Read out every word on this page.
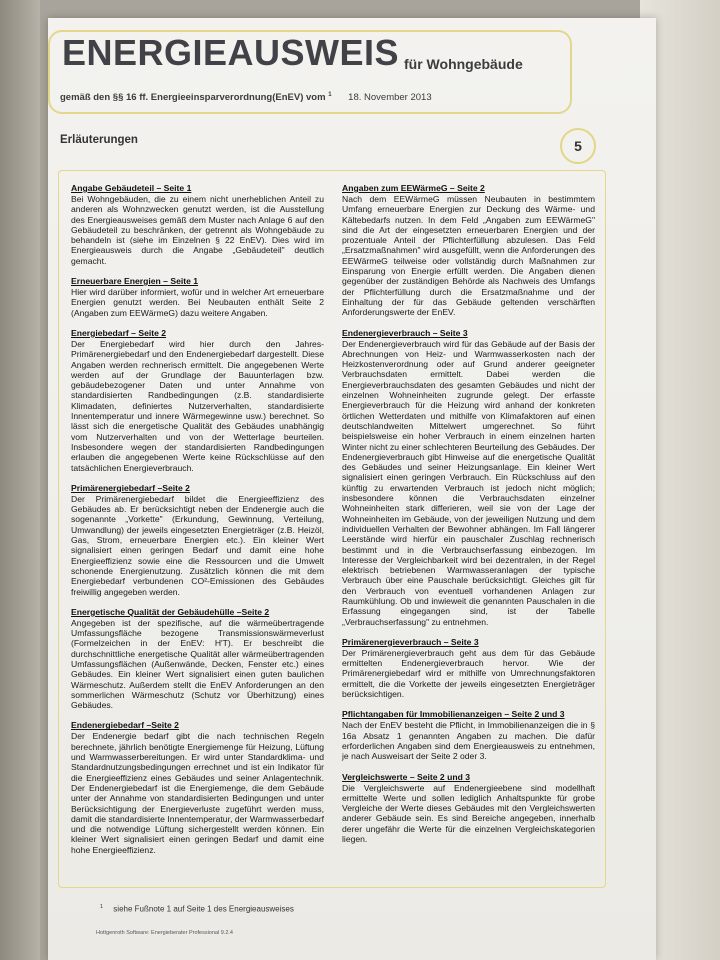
ENERGIEAUSWEIS für Wohngebäude
gemäß den §§ 16 ff. Energieeinsparverordnung(EnEV) vom $^1$ 18. November 2013
Erläuterungen	5
Angabe Gebäudeteil – Seite 1

Bei Wohngebäuden, die zu einem nicht unerheblichen Anteil zu anderen als Wohnzwecken genutzt werden, ist die Ausstellung des Energieausweises gemäß dem Muster nach Anlage 6 auf den Gebäudeteil zu beschränken, der getrennt als Wohngebäude zu behandeln ist (siehe im Einzelnen § 22 EnEV). Dies wird im Energieausweis durch die Angabe „Gebäudeteil" deutlich gemacht.

Erneuerbare Energien – Seite 1

Hier wird darüber informiert, wofür und in welcher Art erneuerbare Energien genutzt werden. Bei Neubauten enthält Seite 2 (Angaben zum EEWärmeG) dazu weitere Angaben.

Energiebedarf – Seite 2

Der Energiebedarf wird hier durch den Jahres-Primärenergiebedarf und den Endenergiebedarf dargestellt. Diese Angaben werden rechnerisch ermittelt. Die angegebenen Werte werden auf der Grundlage der Bauunterlagen bzw. gebäudebezogener Daten und unter Annahme von standardisierten Randbedingungen (z.B. standardisierte Klimadaten, definiertes Nutzerverhalten, standardisierte Innentemperatur und innere Wärmegewinne usw.) berechnet. So lässt sich die energetische Qualität des Gebäudes unabhängig vom Nutzerverhalten und von der Wetterlage beurteilen. Insbesondere wegen der standardisierten Randbedingungen erlauben die angegebenen Werte keine Rückschlüsse auf den tatsächlichen Energieverbrauch.

Primärenergiebedarf –Seite 2

Der Primärenergiebedarf bildet die Energieeffizienz des Gebäudes ab. Er berücksichtigt neben der Endenergie auch die sogenannte „Vorkette" (Erkundung, Gewinnung, Verteilung, Umwandlung) der jeweils eingesetzten Energieträger (z.B. Heizöl, Gas, Strom, erneuerbare Energien etc.). Ein kleiner Wert signalisiert einen geringen Bedarf und damit eine hohe Energieeffizienz sowie eine die Ressourcen und die Umwelt schonende Energienutzung. Zusätzlich können die mit dem Energiebedarf verbundenen CO²-Emissionen des Gebäudes freiwillig angegeben werden.

Energetische Qualität der Gebäudehülle –Seite 2

Angegeben ist der spezifische, auf die wärmeübertragende Umfassungsfläche bezogene Transmissionswärmeverlust (Formelzeichen in der EnEV: H'T). Er beschreibt die durchschnittliche energetische Qualität aller wärmeübertragenden Umfassungsflächen (Außenwände, Decken, Fenster etc.) eines Gebäudes. Ein kleiner Wert signalisiert einen guten baulichen Wärmeschutz. Außerdem stellt die EnEV Anforderungen an den sommerlichen Wärmeschutz (Schutz vor Überhitzung) eines Gebäudes.

Endenergiebedarf –Seite 2

Der Endenergie bedarf gibt die nach technischen Regeln berechnete, jährlich benötigte Energiemenge für Heizung, Lüftung und Warmwasserbereitungen. Er wird unter Standardklima- und Standardnutzungsbedingungen errechnet und ist ein Indikator für die Energieeffizienz eines Gebäudes und seiner Anlagentechnik. Der Endenergiebedarf ist die Energiemenge, die dem Gebäude unter der Annahme von standardisierten Bedingungen und unter Berücksichtigung der Energieverluste zugeführt werden muss, damit die standardisierte Innentemperatur, der Warmwasserbedarf und die notwendige Lüftung sichergestellt werden können. Ein kleiner Wert signalisiert einen geringen Bedarf und damit eine hohe Energieeffizienz.

Angaben zum EEWärmeG – Seite 2

Nach dem EEWärmeG müssen Neubauten in bestimmtem Umfang erneuerbare Energien zur Deckung des Wärme- und Kältebedarfs nutzen. In dem Feld „Angaben zum EEWärmeG" sind die Art der eingesetzten erneuerbaren Energien und der prozentuale Anteil der Pflichterfüllung abzulesen. Das Feld „Ersatzmaßnahmen" wird ausgefüllt, wenn die Anforderungen des EEWärmeG teilweise oder vollständig durch Maßnahmen zur Einsparung von Energie erfüllt werden. Die Angaben dienen gegenüber der zuständigen Behörde als Nachweis des Umfangs der Pflichterfüllung durch die Ersatzmaßnahme und der Einhaltung der für das Gebäude geltenden verschärften Anforderungswerte der EnEV.

Endenergieverbrauch – Seite 3

Der Endenergieverbrauch wird für das Gebäude auf der Basis der Abrechnungen von Heiz- und Warmwasserkosten nach der Heizkostenverordnung oder auf Grund anderer geeigneter Verbrauchsdaten ermittelt. Dabei werden die Energieverbrauchsdaten des gesamten Gebäudes und nicht der einzelnen Wohneinheiten zugrunde gelegt. Der erfasste Energieverbrauch für die Heizung wird anhand der konkreten örtlichen Wetterdaten und mithilfe von Klimafaktoren auf einen deutschlandweiten Mittelwert umgerechnet. So führt beispielsweise ein hoher Verbrauch in einem einzelnen harten Winter nicht zu einer schlechteren Beurteilung des Gebäudes. Der Endenergieverbrauch gibt Hinweise auf die energetische Qualität des Gebäudes und seiner Heizungsanlage. Ein kleiner Wert signalisiert einen geringen Verbrauch. Ein Rückschluss auf den künftig zu erwartenden Verbrauch ist jedoch nicht möglich; insbesondere können die Verbrauchsdaten einzelner Wohneinheiten stark differieren, weil sie von der Lage der Wohneinheiten im Gebäude, von der jeweiligen Nutzung und dem individuellen Verhalten der Bewohner abhängen. Im Fall längerer Leerstände wird hierfür ein pauschaler Zuschlag rechnerisch bestimmt und in die Verbrauchserfassung einbezogen. Im Interesse der Vergleichbarkeit wird bei dezentralen, in der Regel elektrisch betriebenen Warmwasseranlagen der typische Verbrauch über eine Pauschale berücksichtigt. Gleiches gilt für den Verbrauch von eventuell vorhandenen Anlagen zur Raumkühlung. Ob und inwieweit die genannten Pauschalen in die Erfassung eingegangen sind, ist der Tabelle „Verbrauchserfassung" zu entnehmen.

Primärenergieverbrauch – Seite 3

Der Primärenergieverbrauch geht aus dem für das Gebäude ermittelten Endenergieverbrauch hervor. Wie der Primärenergiebedarf wird er mithilfe von Umrechnungsfaktoren ermittelt, die die Vorkette der jeweils eingesetzten Energieträger berücksichtigen.

Pflichtangaben für Immobilienanzeigen – Seite 2 und 3

Nach der EnEV besteht die Pflicht, in Immobilienanzeigen die in § 16a Absatz 1 genannten Angaben zu machen. Die dafür erforderlichen Angaben sind dem Energieausweis zu entnehmen, je nach Ausweisart der Seite 2 oder 3.

Vergleichswerte – Seite 2 und 3

Die Vergleichswerte auf Endenergieebene sind modellhaft ermittelte Werte und sollen lediglich Anhaltspunkte für grobe Vergleiche der Werte dieses Gebäudes mit den Vergleichswerten anderer Gebäude sein. Es sind Bereiche angegeben, innerhalb derer ungefähr die Werte für die einzelnen Vergleichskategorien liegen.

$^1$ siehe Fußnote 1 auf Seite 1 des Energieausweises
Hottgenroth Software: Energieberater Professional 9.2.4
